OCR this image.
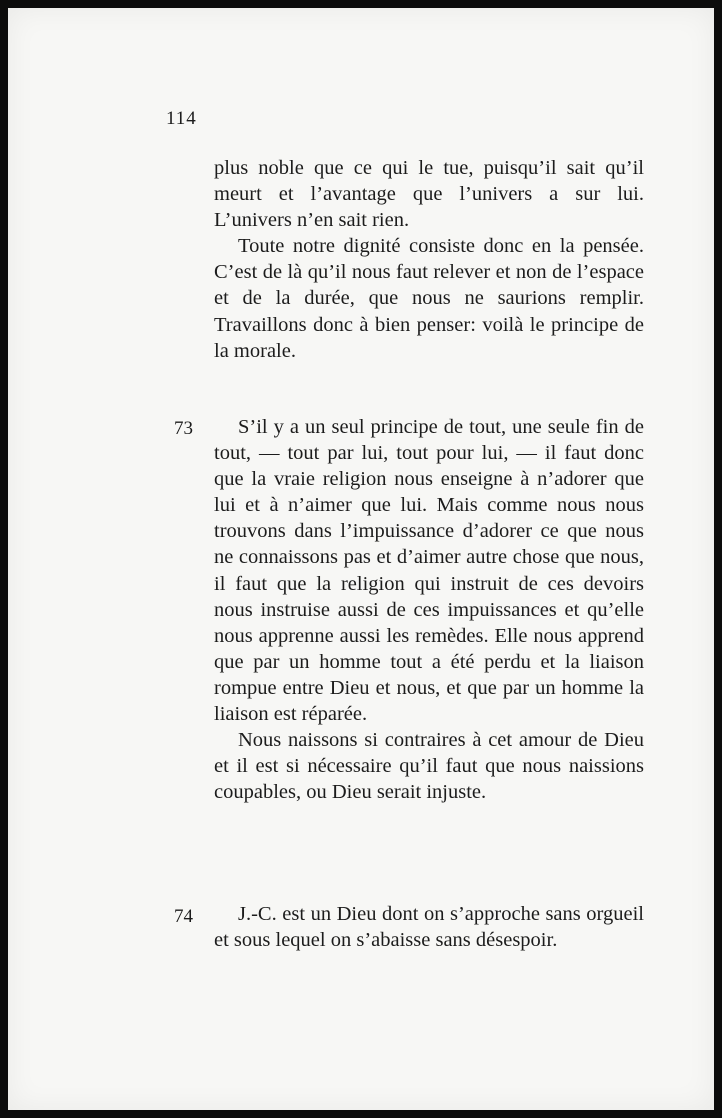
114

plus noble que ce qui le tue, puisqu’il sait qu’il meurt et l’avantage que l’univers a sur lui. L’univers n’en sait rien.

Toute notre dignité consiste donc en la pensée. C’est de là qu’il nous faut relever et non de l’espace et de la durée, que nous ne saurions remplir. Travaillons donc à bien penser: voilà le principe de la morale.

73	S’il y a un seul principe de tout, une seule fin de tout, — tout par lui, tout pour lui, — il faut donc que la vraie religion nous enseigne à n’adorer que lui et à n’aimer que lui. Mais comme nous nous trouvons dans l’impuissance d’adorer ce que nous ne connaissons pas et d’aimer autre chose que nous, il faut que la religion qui instruit de ces devoirs nous instruise aussi de ces impuissances et qu’elle nous apprenne aussi les remèdes. Elle nous apprend que par un homme tout a été perdu et la liaison rompue entre Dieu et nous, et que par un homme la liaison est réparée.

Nous naissons si contraires à cet amour de Dieu et il est si nécessaire qu’il faut que nous naissions coupables, ou Dieu serait injuste.

74	J.-C. est un Dieu dont on s’approche sans orgueil et sous lequel on s’abaisse sans désespoir.
